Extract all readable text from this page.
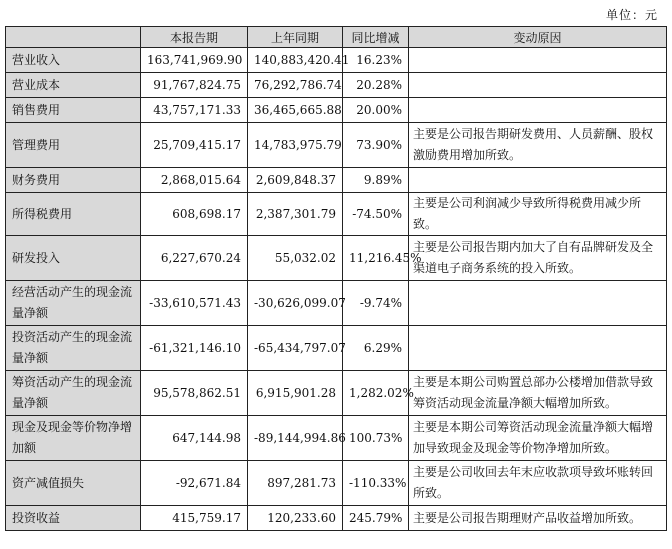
单位：元
	本报告期	上年同期	同比增减	变动原因
营业收入	163,741,969.90	140,883,420.41	16.23%	
营业成本	91,767,824.75	76,292,786.74	20.28%	
销售费用	43,757,171.33	36,465,665.88	20.00%	
管理费用	25,709,415.17	14,783,975.79	73.90%	主要是公司报告期研发费用、人员薪酬、股权激励费用增加所致。
财务费用	2,868,015.64	2,609,848.37	9.89%	
所得税费用	608,698.17	2,387,301.79	-74.50%	主要是公司利润减少导致所得税费用减少所致。
研发投入	6,227,670.24	55,032.02	11,216.45%	主要是公司报告期内加大了自有品牌研发及全渠道电子商务系统的投入所致。
经营活动产生的现金流量净额	-33,610,571.43	-30,626,099.07	-9.74%	
投资活动产生的现金流量净额	-61,321,146.10	-65,434,797.07	6.29%	
筹资活动产生的现金流量净额	95,578,862.51	6,915,901.28	1,282.02%	主要是本期公司购置总部办公楼增加借款导致筹资活动现金流量净额大幅增加所致。
现金及现金等价物净增加额	647,144.98	-89,144,994.86	100.73%	主要是本期公司筹资活动现金流量净额大幅增加导致现金及现金等价物净增加所致。
资产减值损失	-92,671.84	897,281.73	-110.33%	主要是公司收回去年末应收款项导致坏账转回所致。
投资收益	415,759.17	120,233.60	245.79%	主要是公司报告期理财产品收益增加所致。
